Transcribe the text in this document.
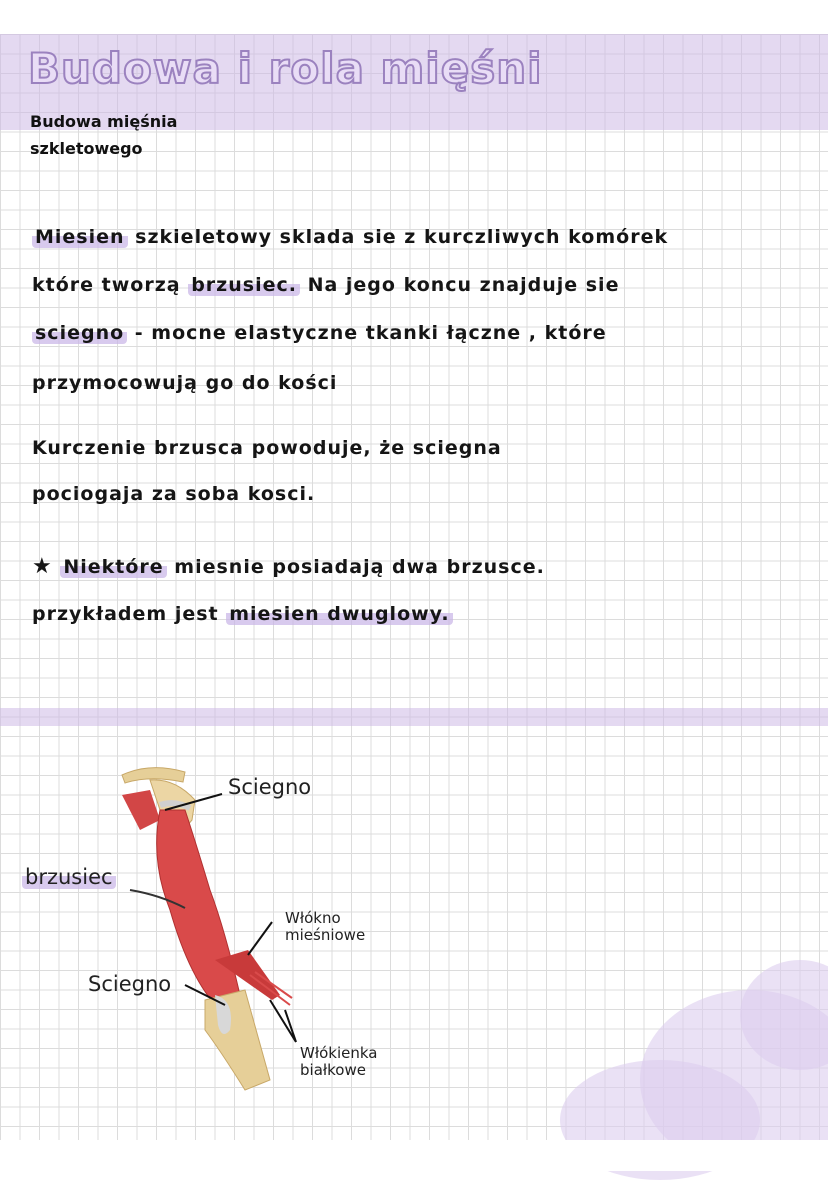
Budowa i rola mięśni
Budowa mięśnia
szkletowego
Miesien szkieletowy sklada sie z kurczliwych komórek
które tworzą brzusiec. Na jego koncu znajduje sie
sciegno - mocne elastyczne tkanki łączne , które
przymocowują go do kości
Kurczenie brzusca powoduje, że sciegna
pociogaja za soba kosci.
★ Niektóre miesnie posiadają dwa brzusce.
przykładem jest miesien dwuglowy.
Sciegno
brzusiec
Włókno
mieśniowe
Sciegno
Włókienka
białkowe
